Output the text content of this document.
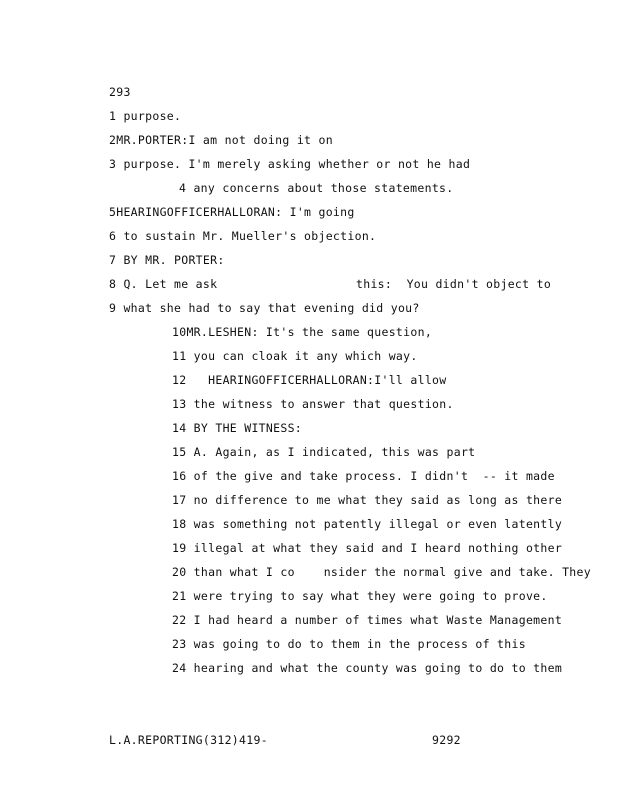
293
1 purpose.
2MR.PORTER:I am not doing it on
3 purpose. I'm merely asking whether or not he had
4 any concerns about those statements.
5HEARINGOFFICERHALLORAN: I'm going
6 to sustain Mr. Mueller's objection.
7 BY MR. PORTER:
8 Q. Let me ask	this:  You didn't object to
9 what she had to say that evening did you?
10MR.LESHEN: It's the same question,
11 you can cloak it any which way.
12   HEARINGOFFICERHALLORAN:I'll allow
13 the witness to answer that question.
14 BY THE WITNESS:
15 A. Again, as I indicated, this was part
16 of the give and take process. I didn't  -- it made
17 no difference to me what they said as long as there
18 was something not patently illegal or even latently
19 illegal at what they said and I heard nothing other
20 than what I co    nsider the normal give and take. They
21 were trying to say what they were going to prove.
22 I had heard a number of times what Waste Management
23 was going to do to them in the process of this
24 hearing and what the county was going to do to them
L.A.REPORTING(312)419-	9292
